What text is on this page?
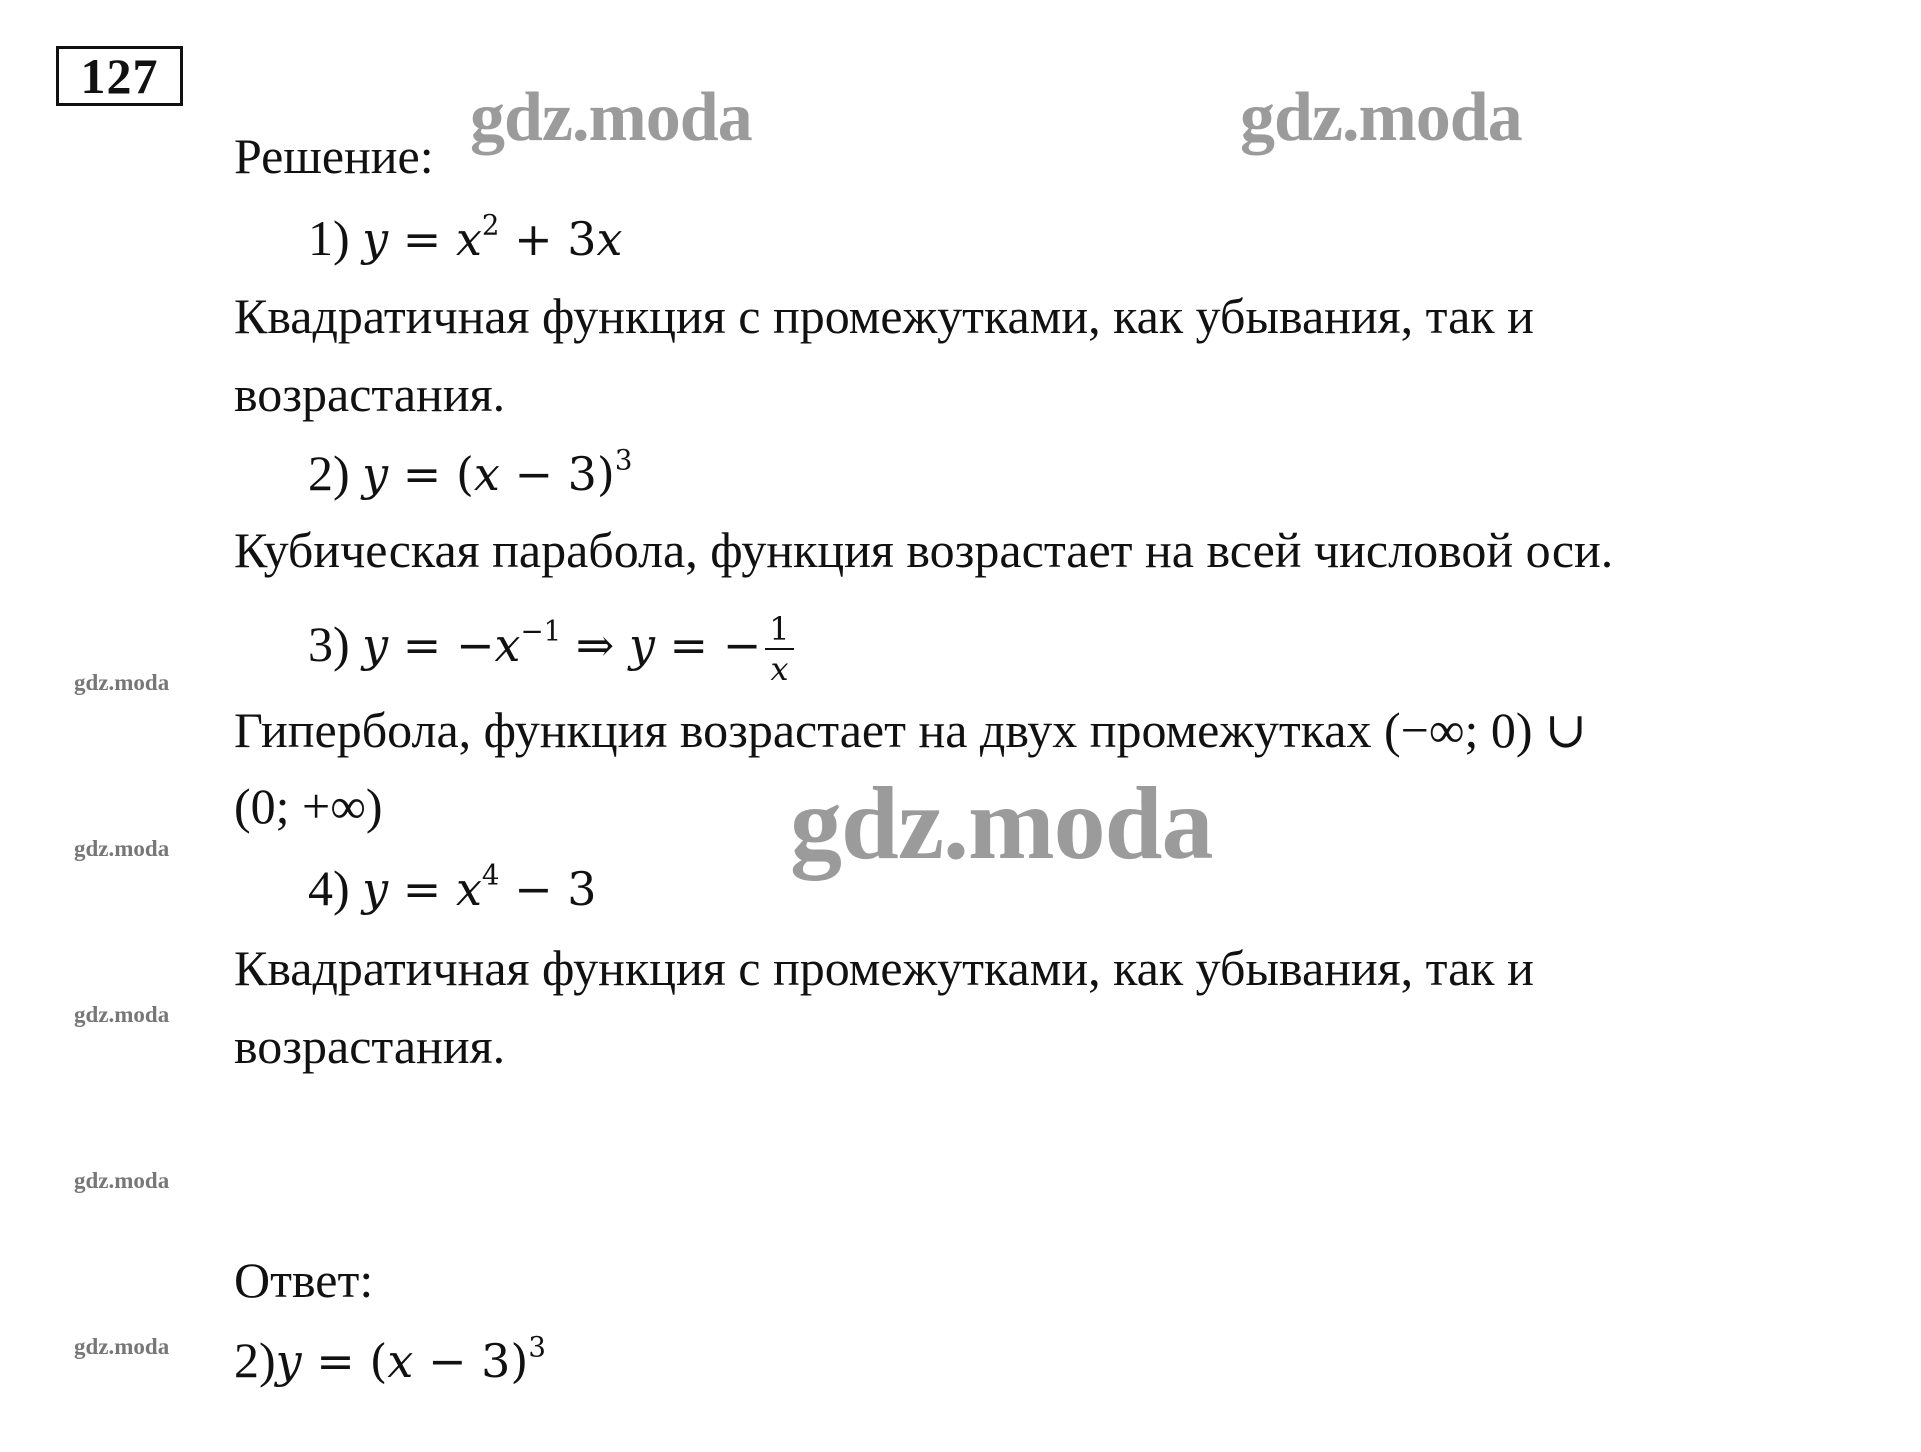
127
gdz.moda	gdz.moda
gdz.moda
gdz.moda
gdz.moda
gdz.moda
gdz.moda
gdz.moda
Решение:
1) $y = x^2 + 3x$
Квадратичная функция с промежутками, как убывания, так и
возрастания.
2) $y = (x - 3)^3$
Кубическая парабола, функция возрастает на всей числовой оси.
3) $y = -x^{-1}$ ⇒ y = − $\frac{1}{x}$
Гипербола, функция возрастает на двух промежутках (−∞; 0) ∪
(0; +∞)
4) $y = x^4 - 3$
Квадратичная функция с промежутками, как убывания, так и
возрастания.
Ответ:
$2)y = (x - 3)^3$
